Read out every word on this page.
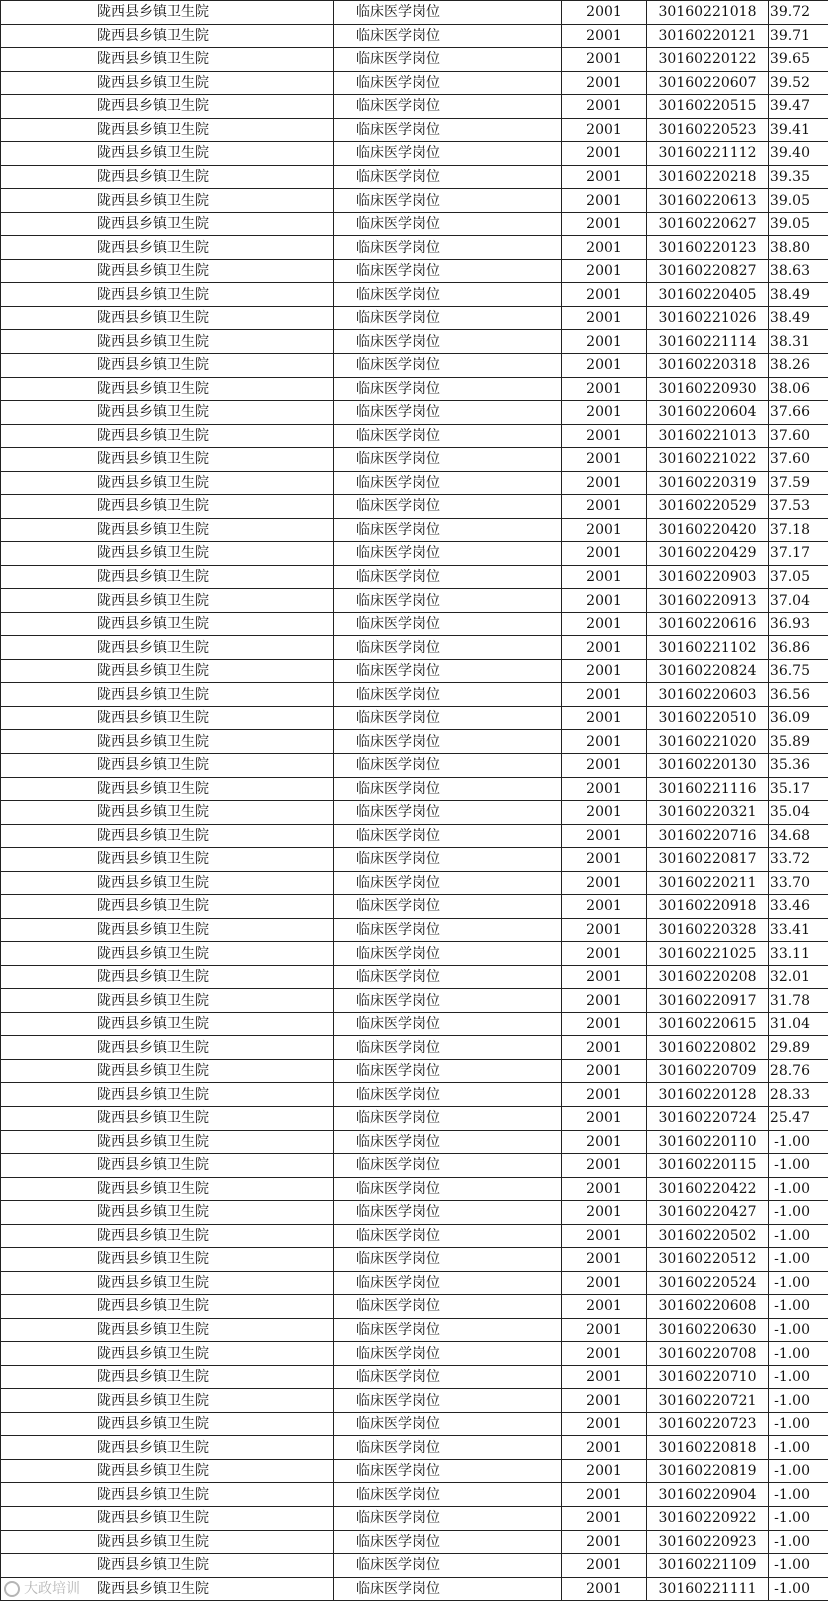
陇西县乡镇卫生院	临床医学岗位	2001	30160221018	39.72
陇西县乡镇卫生院	临床医学岗位	2001	30160220121	39.71
陇西县乡镇卫生院	临床医学岗位	2001	30160220122	39.65
陇西县乡镇卫生院	临床医学岗位	2001	30160220607	39.52
陇西县乡镇卫生院	临床医学岗位	2001	30160220515	39.47
陇西县乡镇卫生院	临床医学岗位	2001	30160220523	39.41
陇西县乡镇卫生院	临床医学岗位	2001	30160221112	39.40
陇西县乡镇卫生院	临床医学岗位	2001	30160220218	39.35
陇西县乡镇卫生院	临床医学岗位	2001	30160220613	39.05
陇西县乡镇卫生院	临床医学岗位	2001	30160220627	39.05
陇西县乡镇卫生院	临床医学岗位	2001	30160220123	38.80
陇西县乡镇卫生院	临床医学岗位	2001	30160220827	38.63
陇西县乡镇卫生院	临床医学岗位	2001	30160220405	38.49
陇西县乡镇卫生院	临床医学岗位	2001	30160221026	38.49
陇西县乡镇卫生院	临床医学岗位	2001	30160221114	38.31
陇西县乡镇卫生院	临床医学岗位	2001	30160220318	38.26
陇西县乡镇卫生院	临床医学岗位	2001	30160220930	38.06
陇西县乡镇卫生院	临床医学岗位	2001	30160220604	37.66
陇西县乡镇卫生院	临床医学岗位	2001	30160221013	37.60
陇西县乡镇卫生院	临床医学岗位	2001	30160221022	37.60
陇西县乡镇卫生院	临床医学岗位	2001	30160220319	37.59
陇西县乡镇卫生院	临床医学岗位	2001	30160220529	37.53
陇西县乡镇卫生院	临床医学岗位	2001	30160220420	37.18
陇西县乡镇卫生院	临床医学岗位	2001	30160220429	37.17
陇西县乡镇卫生院	临床医学岗位	2001	30160220903	37.05
陇西县乡镇卫生院	临床医学岗位	2001	30160220913	37.04
陇西县乡镇卫生院	临床医学岗位	2001	30160220616	36.93
陇西县乡镇卫生院	临床医学岗位	2001	30160221102	36.86
陇西县乡镇卫生院	临床医学岗位	2001	30160220824	36.75
陇西县乡镇卫生院	临床医学岗位	2001	30160220603	36.56
陇西县乡镇卫生院	临床医学岗位	2001	30160220510	36.09
陇西县乡镇卫生院	临床医学岗位	2001	30160221020	35.89
陇西县乡镇卫生院	临床医学岗位	2001	30160220130	35.36
陇西县乡镇卫生院	临床医学岗位	2001	30160221116	35.17
陇西县乡镇卫生院	临床医学岗位	2001	30160220321	35.04
陇西县乡镇卫生院	临床医学岗位	2001	30160220716	34.68
陇西县乡镇卫生院	临床医学岗位	2001	30160220817	33.72
陇西县乡镇卫生院	临床医学岗位	2001	30160220211	33.70
陇西县乡镇卫生院	临床医学岗位	2001	30160220918	33.46
陇西县乡镇卫生院	临床医学岗位	2001	30160220328	33.41
陇西县乡镇卫生院	临床医学岗位	2001	30160221025	33.11
陇西县乡镇卫生院	临床医学岗位	2001	30160220208	32.01
陇西县乡镇卫生院	临床医学岗位	2001	30160220917	31.78
陇西县乡镇卫生院	临床医学岗位	2001	30160220615	31.04
陇西县乡镇卫生院	临床医学岗位	2001	30160220802	29.89
陇西县乡镇卫生院	临床医学岗位	2001	30160220709	28.76
陇西县乡镇卫生院	临床医学岗位	2001	30160220128	28.33
陇西县乡镇卫生院	临床医学岗位	2001	30160220724	25.47
陇西县乡镇卫生院	临床医学岗位	2001	30160220110	-1.00
陇西县乡镇卫生院	临床医学岗位	2001	30160220115	-1.00
陇西县乡镇卫生院	临床医学岗位	2001	30160220422	-1.00
陇西县乡镇卫生院	临床医学岗位	2001	30160220427	-1.00
陇西县乡镇卫生院	临床医学岗位	2001	30160220502	-1.00
陇西县乡镇卫生院	临床医学岗位	2001	30160220512	-1.00
陇西县乡镇卫生院	临床医学岗位	2001	30160220524	-1.00
陇西县乡镇卫生院	临床医学岗位	2001	30160220608	-1.00
陇西县乡镇卫生院	临床医学岗位	2001	30160220630	-1.00
陇西县乡镇卫生院	临床医学岗位	2001	30160220708	-1.00
陇西县乡镇卫生院	临床医学岗位	2001	30160220710	-1.00
陇西县乡镇卫生院	临床医学岗位	2001	30160220721	-1.00
陇西县乡镇卫生院	临床医学岗位	2001	30160220723	-1.00
陇西县乡镇卫生院	临床医学岗位	2001	30160220818	-1.00
陇西县乡镇卫生院	临床医学岗位	2001	30160220819	-1.00
陇西县乡镇卫生院	临床医学岗位	2001	30160220904	-1.00
陇西县乡镇卫生院	临床医学岗位	2001	30160220922	-1.00
陇西县乡镇卫生院	临床医学岗位	2001	30160220923	-1.00
陇西县乡镇卫生院	临床医学岗位	2001	30160221109	-1.00
陇西县乡镇卫生院	临床医学岗位	2001	30160221111	-1.00
大政培训
